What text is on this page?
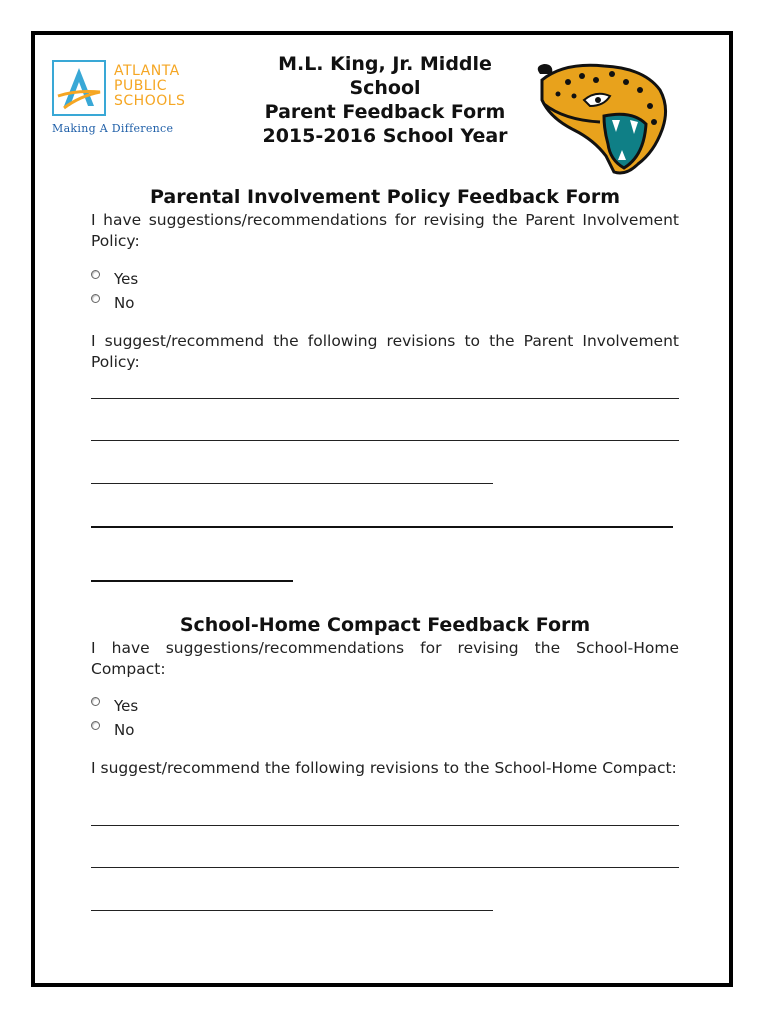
ATLANTA
PUBLIC
SCHOOLS
Making A Difference
M.L. King, Jr. Middle
School
Parent Feedback Form
2015-2016 School Year
Parental Involvement Policy Feedback Form
I have suggestions/recommendations for revising the Parent Involvement Policy:
Yes
No
I suggest/recommend the following revisions to the Parent Involvement Policy:
School-Home Compact Feedback Form
I have suggestions/recommendations for revising the School-Home Compact:
Yes
No
I suggest/recommend the following revisions to the School-Home Compact:
